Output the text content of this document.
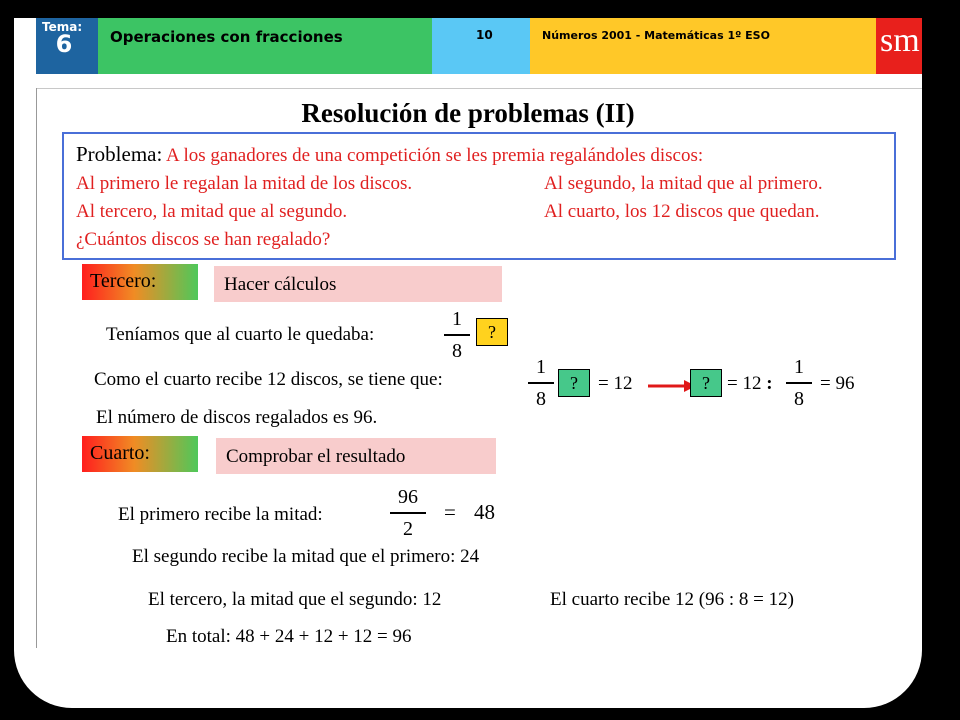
Tema:
6	Operaciones con fracciones	10	Números 2001 - Matemáticas 1º ESO	sm
Resolución de problemas (II)
Problema: A los ganadores de una competición se les premia regalándoles discos:
Al primero le regalan la mitad de los discos.	Al segundo, la mitad que al primero.
Al tercero, la mitad que al segundo.	Al cuarto, los 12 discos que quedan.
¿Cuántos discos se han regalado?
Tercero:	Hacer cálculos
Teníamos que al cuarto le quedaba:
1
8
?
Como el cuarto recibe 12 discos, se tiene que:
1
8
?	= 12	? = 12 :
1
8
= 96
El número de discos regalados es 96.
Cuarto:	Comprobar el resultado
El primero recibe la mitad:
96
2
= 48
El segundo recibe la mitad que el primero: 24
El tercero, la mitad que el segundo: 12	El cuarto recibe 12 (96 : 8 = 12)
En total: 48 + 24 + 12 + 12 = 96
